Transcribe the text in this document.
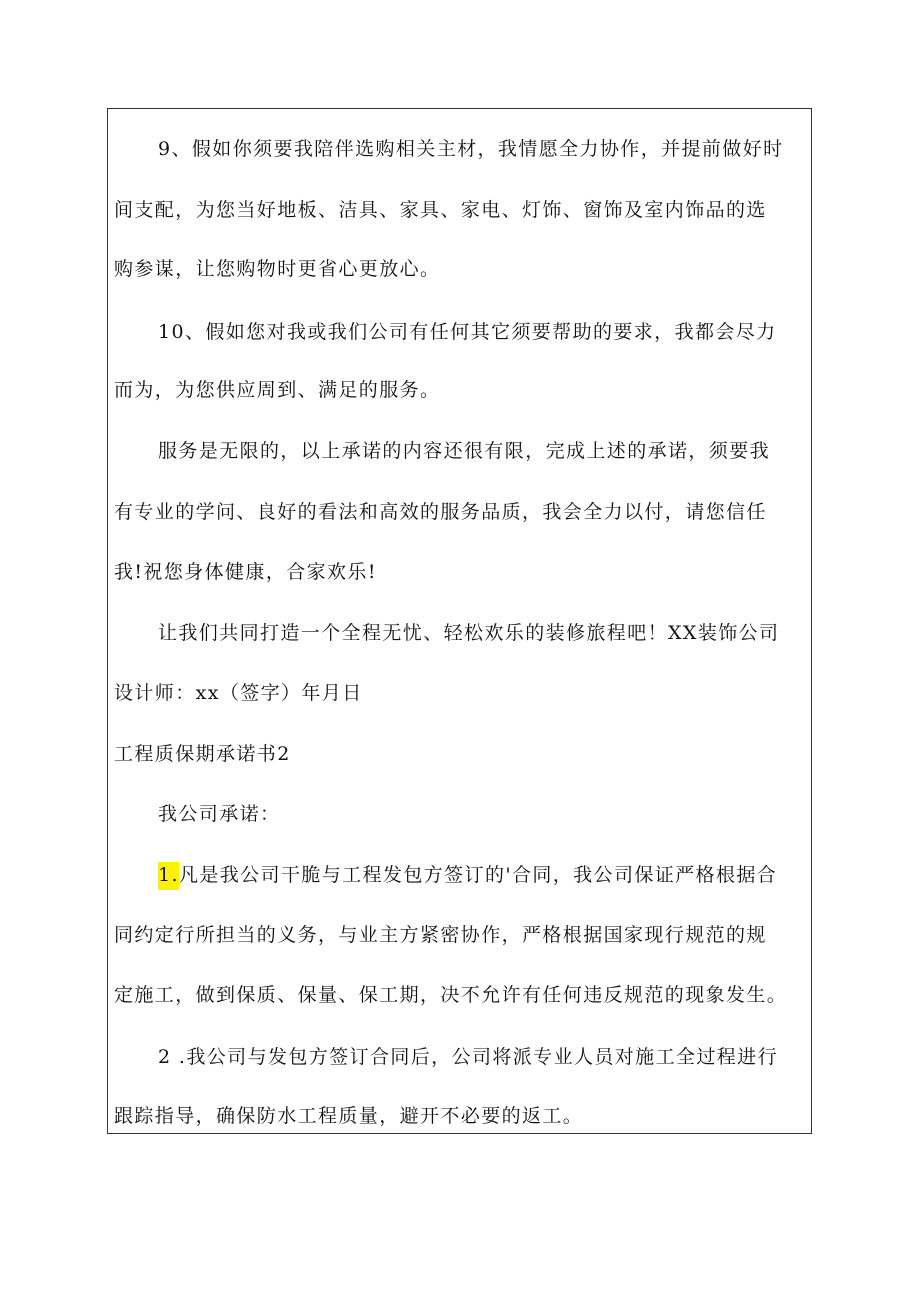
9、假如你须要我陪伴选购相关主材，我情愿全力协作，并提前做好时
间支配，为您当好地板、洁具、家具、家电、灯饰、窗饰及室内饰品的选
购参谋，让您购物时更省心更放心。
10、假如您对我或我们公司有任何其它须要帮助的要求，我都会尽力
而为，为您供应周到、满足的服务。
服务是无限的，以上承诺的内容还很有限，完成上述的承诺，须要我
有专业的学问、良好的看法和高效的服务品质，我会全力以付，请您信任
我!祝您身体健康，合家欢乐!
让我们共同打造一个全程无忧、轻松欢乐的装修旅程吧！XX装饰公司
设计师：xx（签字）年月日
工程质保期承诺书2
我公司承诺：
1.凡是我公司干脆与工程发包方签订的'合同，我公司保证严格根据合
同约定行所担当的义务，与业主方紧密协作，严格根据国家现行规范的规
定施工，做到保质、保量、保工期，决不允许有任何违反规范的现象发生。
2 .我公司与发包方签订合同后，公司将派专业人员对施工全过程进行
跟踪指导，确保防水工程质量，避开不必要的返工。
